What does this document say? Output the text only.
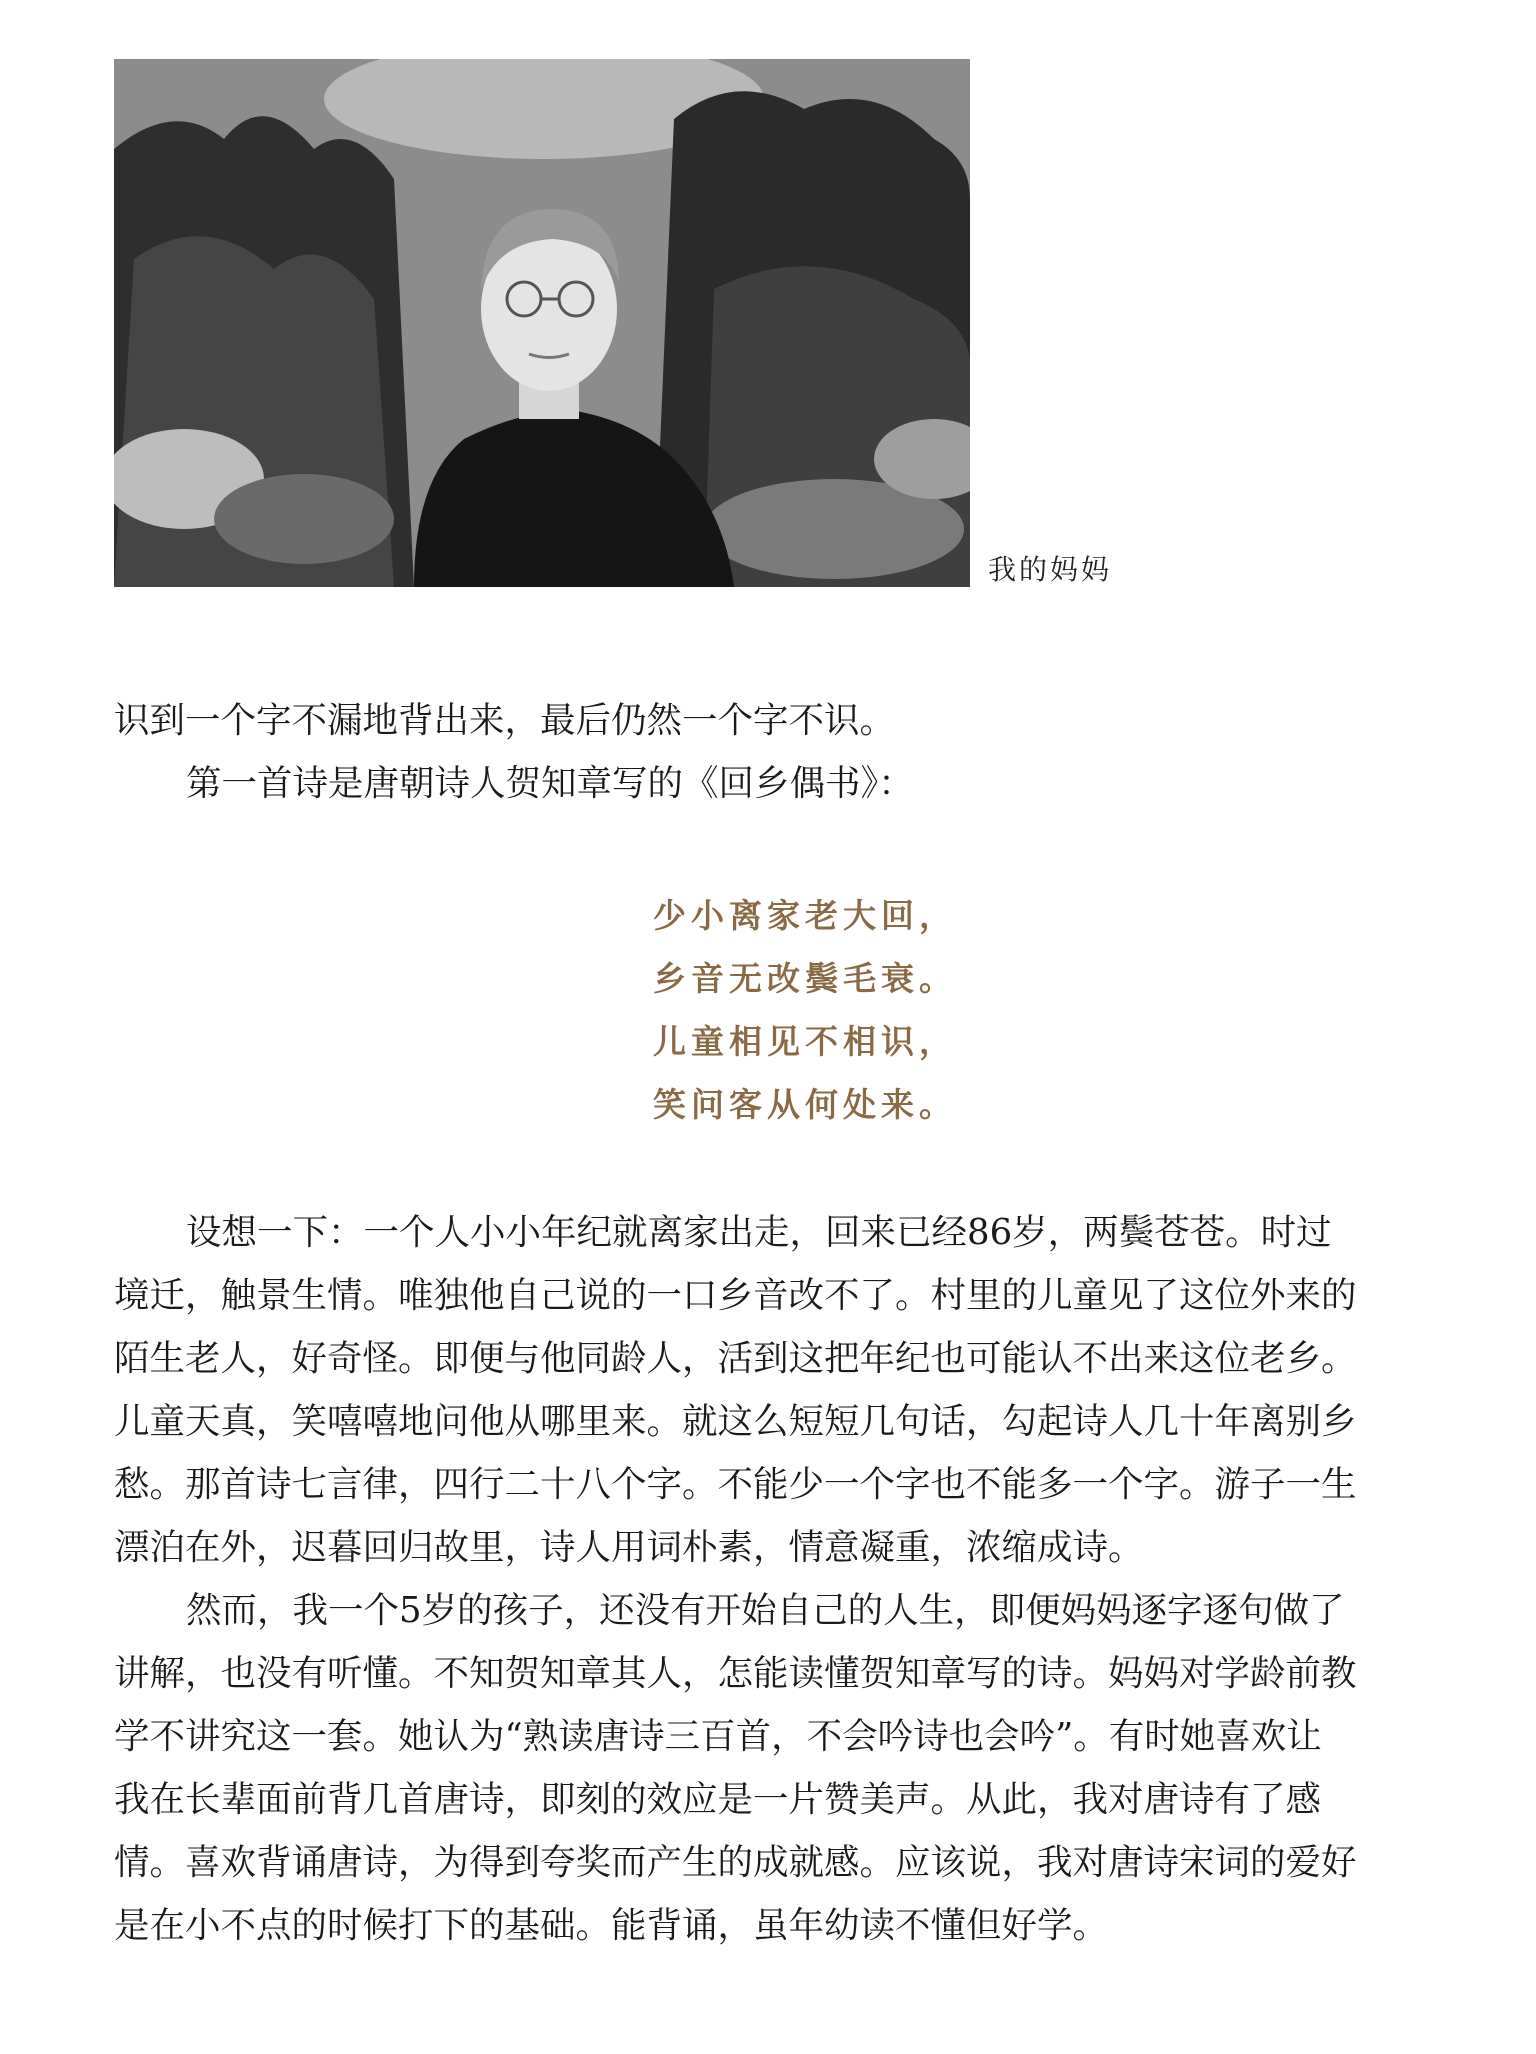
我的妈妈

识到一个字不漏地背出来，最后仍然一个字不识。

第一首诗是唐朝诗人贺知章写的《回乡偶书》：

少小离家老大回，
乡音无改鬓毛衰。
儿童相见不相识，
笑问客从何处来。

设想一下：一个人小小年纪就离家出走，回来已经86岁，两鬓苍苍。时过

境迁，触景生情。唯独他自己说的一口乡音改不了。村里的儿童见了这位外来的

陌生老人，好奇怪。即便与他同龄人，活到这把年纪也可能认不出来这位老乡。

儿童天真，笑嘻嘻地问他从哪里来。就这么短短几句话，勾起诗人几十年离别乡

愁。那首诗七言律，四行二十八个字。不能少一个字也不能多一个字。游子一生

漂泊在外，迟暮回归故里，诗人用词朴素，情意凝重，浓缩成诗。

然而，我一个5岁的孩子，还没有开始自己的人生，即便妈妈逐字逐句做了

讲解，也没有听懂。不知贺知章其人，怎能读懂贺知章写的诗。妈妈对学龄前教

学不讲究这一套。她认为“熟读唐诗三百首，不会吟诗也会吟”。有时她喜欢让

我在长辈面前背几首唐诗，即刻的效应是一片赞美声。从此，我对唐诗有了感

情。喜欢背诵唐诗，为得到夸奖而产生的成就感。应该说，我对唐诗宋词的爱好

是在小不点的时候打下的基础。能背诵，虽年幼读不懂但好学。
